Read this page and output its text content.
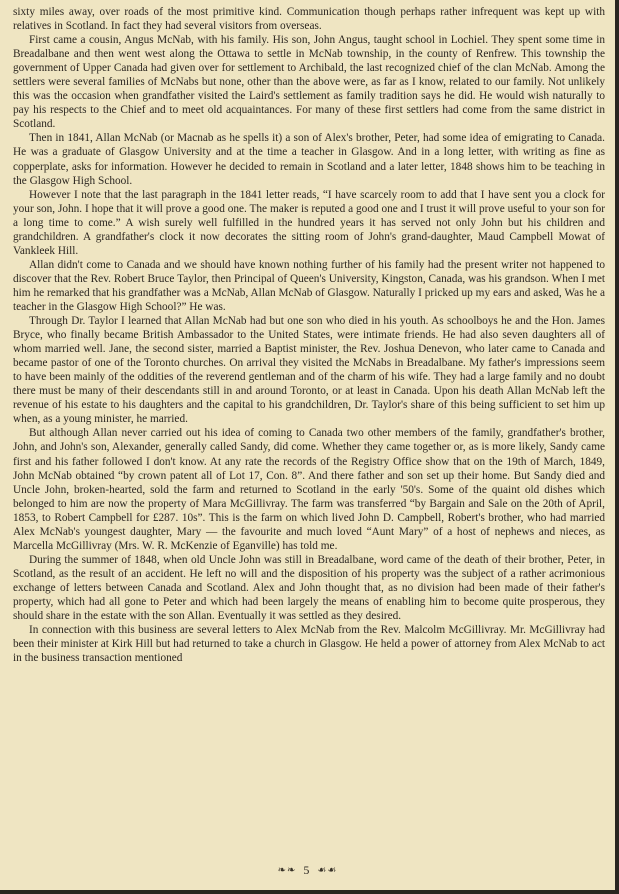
sixty miles away, over roads of the most primitive kind. Communication though perhaps rather infrequent was kept up with relatives in Scotland. In fact they had several visitors from overseas.

First came a cousin, Angus McNab, with his family. His son, John Angus, taught school in Lochiel. They spent some time in Breadalbane and then went west along the Ottawa to settle in McNab township, in the county of Renfrew. This township the government of Upper Canada had given over for settlement to Archibald, the last recognized chief of the clan McNab. Among the settlers were several families of McNabs but none, other than the above were, as far as I know, related to our family. Not unlikely this was the occasion when grandfather visited the Laird's settlement as family tradition says he did. He would wish naturally to pay his respects to the Chief and to meet old acquaintances. For many of these first settlers had come from the same district in Scotland.

Then in 1841, Allan McNab (or Macnab as he spells it) a son of Alex's brother, Peter, had some idea of emigrating to Canada. He was a graduate of Glasgow University and at the time a teacher in Glasgow. And in a long letter, with writing as fine as copperplate, asks for information. However he decided to remain in Scotland and a later letter, 1848 shows him to be teaching in the Glasgow High School.

However I note that the last paragraph in the 1841 letter reads, “I have scarcely room to add that I have sent you a clock for your son, John. I hope that it will prove a good one. The maker is reputed a good one and I trust it will prove useful to your son for a long time to come.” A wish surely well fulfilled in the hundred years it has served not only John but his children and grandchildren. A grandfather's clock it now decorates the sitting room of John's grand-daughter, Maud Campbell Mowat of Vankleek Hill.

Allan didn't come to Canada and we should have known nothing further of his family had the present writer not happened to discover that the Rev. Robert Bruce Taylor, then Principal of Queen's University, Kingston, Canada, was his grandson. When I met him he remarked that his grandfather was a McNab, Allan McNab of Glasgow. Naturally I pricked up my ears and asked, Was he a teacher in the Glasgow High School?” He was.

Through Dr. Taylor I learned that Allan McNab had but one son who died in his youth. As schoolboys he and the Hon. James Bryce, who finally became British Ambassador to the United States, were intimate friends. He had also seven daughters all of whom married well. Jane, the second sister, married a Baptist minister, the Rev. Joshua Denevon, who later came to Canada and became pastor of one of the Toronto churches. On arrival they visited the McNabs in Breadalbane. My father's impressions seem to have been mainly of the oddities of the reverend gentleman and of the charm of his wife. They had a large family and no doubt there must be many of their descendants still in and around Toronto, or at least in Canada. Upon his death Allan McNab left the revenue of his estate to his daughters and the capital to his grandchildren, Dr. Taylor's share of this being sufficient to set him up when, as a young minister, he married.

But although Allan never carried out his idea of coming to Canada two other members of the family, grandfather's brother, John, and John's son, Alexander, generally called Sandy, did come. Whether they came together or, as is more likely, Sandy came first and his father followed I don't know. At any rate the records of the Registry Office show that on the 19th of March, 1849, John McNab obtained “by crown patent all of Lot 17, Con. 8”. And there father and son set up their home. But Sandy died and Uncle John, broken-hearted, sold the farm and returned to Scotland in the early '50's. Some of the quaint old dishes which belonged to him are now the property of Mara McGillivray. The farm was transferred “by Bargain and Sale on the 20th of April, 1853, to Robert Campbell for £287. 10s”. This is the farm on which lived John D. Campbell, Robert's brother, who had married Alex McNab's youngest daughter, Mary — the favourite and much loved “Aunt Mary” of a host of nephews and nieces, as Marcella McGillivray (Mrs. W. R. McKenzie of Eganville) has told me.

During the summer of 1848, when old Uncle John was still in Breadalbane, word came of the death of their brother, Peter, in Scotland, as the result of an accident. He left no will and the disposition of his property was the subject of a rather acrimonious exchange of letters between Canada and Scotland. Alex and John thought that, as no division had been made of their father's property, which had all gone to Peter and which had been largely the means of enabling him to become quite prosperous, they should share in the estate with the son Allan. Eventually it was settled as they desired.

In connection with this business are several letters to Alex McNab from the Rev. Malcolm McGillivray. Mr. McGillivray had been their minister at Kirk Hill but had returned to take a church in Glasgow. He held a power of attorney from Alex McNab to act in the business transaction mentioned

❧❧ 5 ☙☙
